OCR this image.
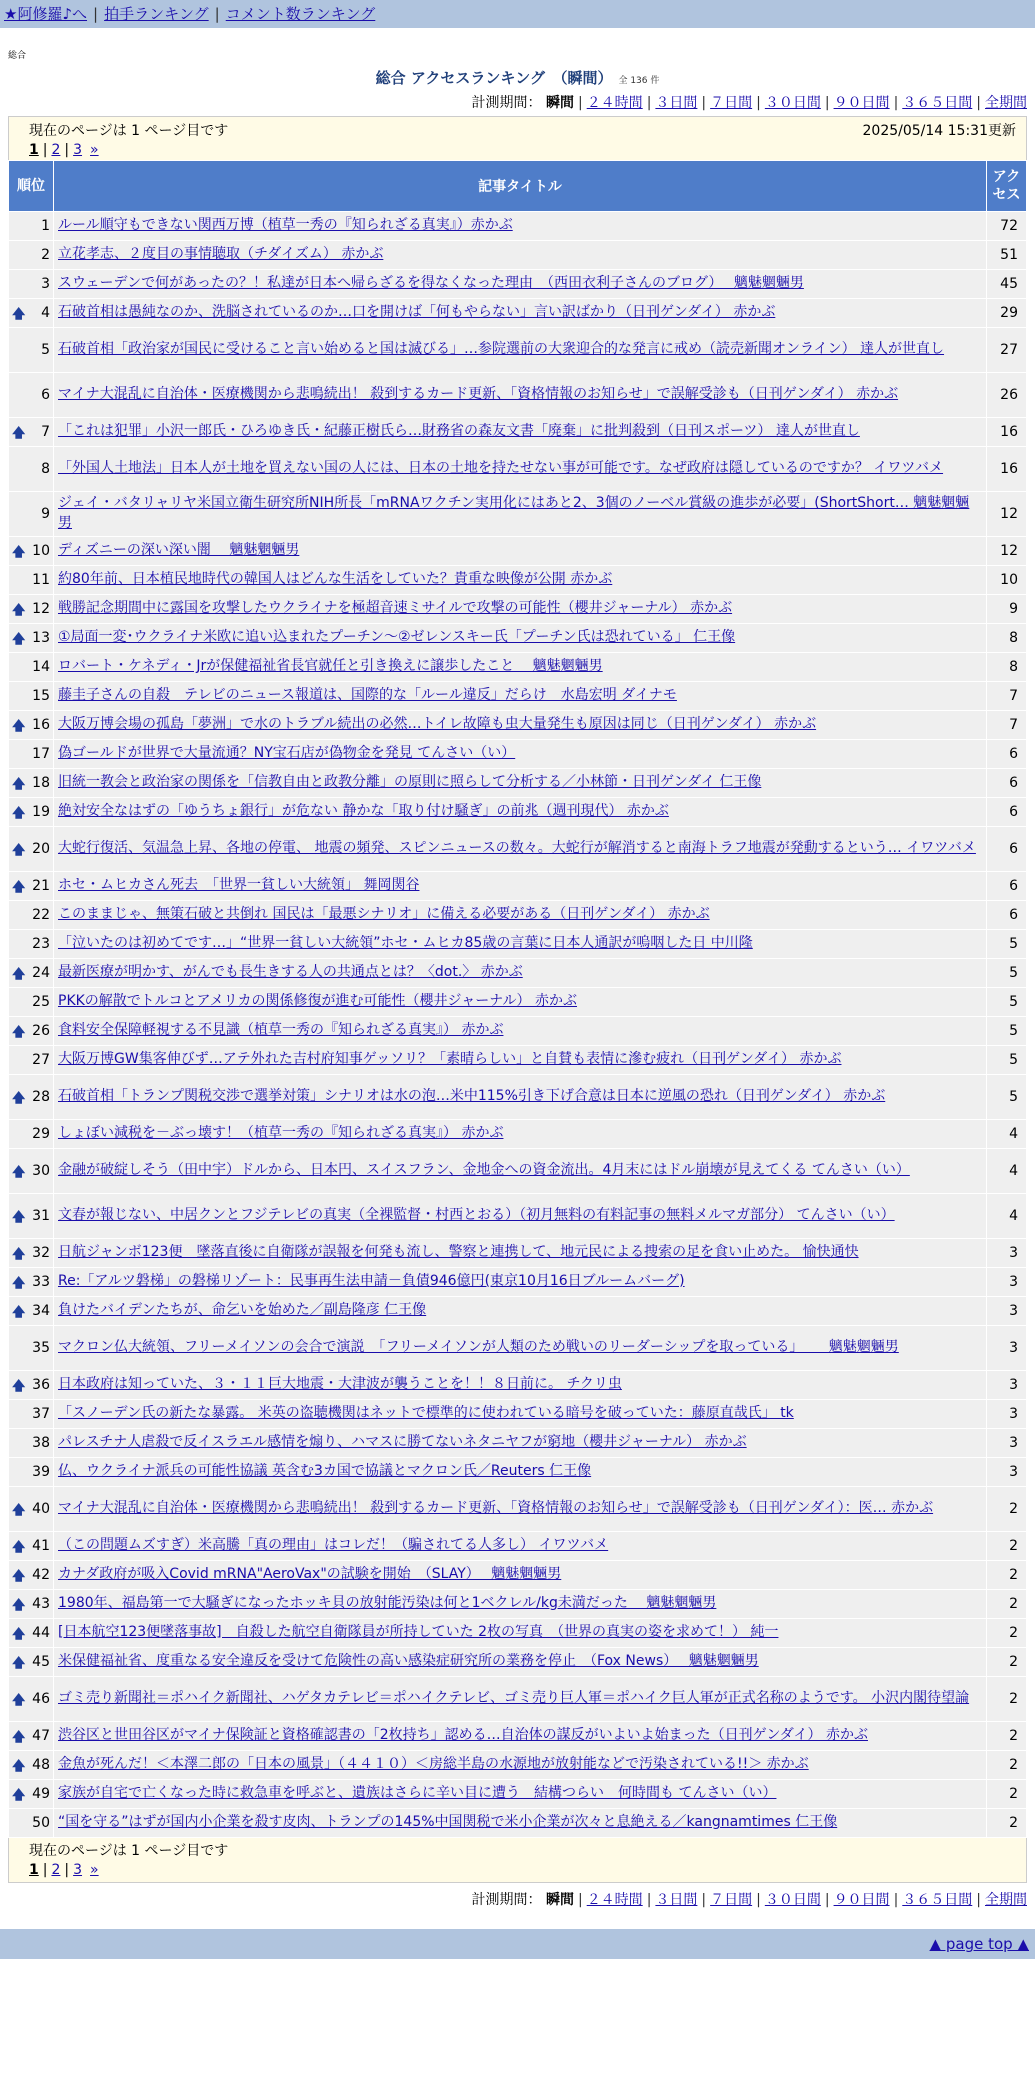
★阿修羅♪へ | 拍手ランキング | コメント数ランキング
総合
総合 アクセスランキング　（瞬間） 全 136 件
計測期間： 瞬間 | ２４時間 | ３日間 | ７日間 | ３０日間 | ９０日間 | ３６５日間 | 全期間
現在のページは 1 ページ目です	2025/05/14 15:31更新
1 | 2 | 3 »
順位	記事タイトル	アクセス
1	ルール順守もできない関西万博（植草一秀の『知られざる真実』）赤かぶ	72
2	立花孝志、２度目の事情聴取（チダイズム） 赤かぶ	51
3	スウェーデンで何があったの？！私達が日本へ帰らざるを得なくなった理由　（西田衣利子さんのブログ）　 魑魅魍魎男	45

🡅 4	石破首相は愚純なのか、洗脳されているのか…口を開けば「何もやらない」言い訳ばかり（日刊ゲンダイ） 赤かぶ	29
5	石破首相「政治家が国民に受けること言い始めると国は滅びる」…参院選前の大衆迎合的な発言に戒め（読売新聞オンライン） 達人が世直し	27
6	マイナ大混乱に自治体・医療機関から悲鳴続出！ 殺到するカード更新、「資格情報のお知らせ」で誤解受診も（日刊ゲンダイ） 赤かぶ	26

🡅 7	「これは犯罪」小沢一郎氏・ひろゆき氏・紀藤正樹氏ら…財務省の森友文書「廃棄」に批判殺到（日刊スポーツ） 達人が世直し	16
8	「外国人土地法」日本人が土地を買えない国の人には、日本の土地を持たせない事が可能です。なぜ政府は隠しているのですか？ イワツバメ	16
9	ジェイ・バタリャリヤ米国立衛生研究所NIH所長「mRNAワクチン実用化にはあと2、3個のノーベル賞級の進歩が必要」(ShortShort… 魑魅魍魎男	12

🡅 10	ディズニーの深い深い闇　 魑魅魍魎男	12
11	約80年前、日本植民地時代の韓国人はどんな生活をしていた？貴重な映像が公開 赤かぶ	10

🡅 12	戦勝記念期間中に露国を攻撃したウクライナを極超音速ミサイルで攻撃の可能性（櫻井ジャーナル） 赤かぶ	9

🡅 13	①局面一変･ウクライナ米欧に追い込まれたプーチン～②ゼレンスキー氏「プーチン氏は恐れている」 仁王像	8
14	ロバート・ケネディ・Jrが保健福祉省長官就任と引き換えに譲歩したこと　 魑魅魍魎男	8
15	藤圭子さんの自殺　テレビのニュース報道は、国際的な「ルール違反」だらけ　水島宏明 ダイナモ	7

🡅 16	大阪万博会場の孤島「夢洲」で水のトラブル続出の必然…トイレ故障も虫大量発生も原因は同じ（日刊ゲンダイ） 赤かぶ	7
17	偽ゴールドが世界で大量流通？NY宝石店が偽物金を発見 てんさい（い）	6

🡅 18	旧統一教会と政治家の関係を「信教自由と政教分離」の原則に照らして分析する／小林節・日刊ゲンダイ 仁王像	6

🡅 19	絶対安全なはずの「ゆうちょ銀行」が危ない 静かな「取り付け騒ぎ」の前兆（週刊現代） 赤かぶ	6

🡅 20	大蛇行復活、気温急上昇、各地の停電、 地震の頻発、スピンニュースの数々。大蛇行が解消すると南海トラフ地震が発動するという… イワツバメ	6

🡅 21	ホセ・ムヒカさん死去　「世界一貧しい大統領」 舞岡関谷	6
22	このままじゃ、無策石破と共倒れ 国民は「最悪シナリオ」に備える必要がある（日刊ゲンダイ） 赤かぶ	6
23	「泣いたのは初めてです…」“世界一貧しい大統領”ホセ・ムヒカ85歳の言葉に日本人通訳が嗚咽した日 中川隆	5

🡅 24	最新医療が明かす、がんでも長生きする人の共通点とは？〈dot.〉 赤かぶ	5
25	PKKの解散でトルコとアメリカの関係修復が進む可能性（櫻井ジャーナル） 赤かぶ	5

🡅 26	食料安全保障軽視する不見識（植草一秀の『知られざる真実』） 赤かぶ	5
27	大阪万博GW集客伸びず…アテ外れた吉村府知事ゲッソリ？「素晴らしい」と自賛も表情に滲む疲れ（日刊ゲンダイ） 赤かぶ	5

🡅 28	石破首相「トランプ関税交渉で選挙対策」シナリオは水の泡…米中115%引き下げ合意は日本に逆風の恐れ（日刊ゲンダイ） 赤かぶ	5
29	しょぼい減税を－ぶっ壊す！（植草一秀の『知られざる真実』） 赤かぶ	4

🡅 30	金融が破綻しそう（田中宇）ドルから、日本円、スイスフラン、金地金への資金流出。4月末にはドル崩壊が見えてくる てんさい（い）	4

🡅 31	文春が報じない、中居クンとフジテレビの真実（全裸監督・村西とおる）（初月無料の有料記事の無料メルマガ部分） てんさい（い）	4

🡅 32	日航ジャンボ123便　墜落直後に自衛隊が誤報を何発も流し、警察と連携して、地元民による捜索の足を食い止めた。 愉快通快	3

🡅 33	Re:「アルツ磐梯」の磐梯リゾート：民事再生法申請－負債946億円(東京10月16日ブルームバーグ)	3

🡅 34	負けたバイデンたちが、命乞いを始めた／副島隆彦 仁王像	3
35	マクロン仏大統領、フリーメイソンの会合で演説　「フリーメイソンが人類のため戦いのリーダーシップを取っている」　　 魑魅魍魎男	3

🡅 36	日本政府は知っていた、３・１１巨大地震・大津波が襲うことを！！８日前に。 チクリ虫	3
37	「スノーデン氏の新たな暴露。 米英の盗聴機関はネットで標準的に使われている暗号を破っていた：藤原直哉氏」 tk	3
38	パレスチナ人虐殺で反イスラエル感情を煽り、ハマスに勝てないネタニヤフが窮地（櫻井ジャーナル） 赤かぶ	3
39	仏、ウクライナ派兵の可能性協議 英含む3カ国で協議とマクロン氏／Reuters 仁王像	3

🡅 40	マイナ大混乱に自治体・医療機関から悲鳴続出！ 殺到するカード更新、「資格情報のお知らせ」で誤解受診も（日刊ゲンダイ）：医… 赤かぶ	2

🡅 41	（この問題ムズすぎ）米高騰「真の理由」はコレだ！（騙されてる人多し） イワツバメ	2

🡅 42	カナダ政府が吸入Covid mRNA"AeroVax"の試験を開始　（SLAY）　 魑魅魍魎男	2

🡅 43	1980年、福島第一で大騒ぎになったホッキ貝の放射能汚染は何と1ベクレル/kg未満だった　 魑魅魍魎男	2

🡅 44	[日本航空123便墜落事故]　自殺した航空自衛隊員が所持していた 2枚の写真　（世界の真実の姿を求めて！） 純一	2

🡅 45	米保健福祉省、度重なる安全違反を受けて危険性の高い感染症研究所の業務を停止　（Fox News）　 魑魅魍魎男	2

🡅 46	ゴミ売り新聞社＝ポハイク新聞社、ハゲタカテレビ＝ポハイクテレビ、ゴミ売り巨人軍＝ポハイク巨人軍が正式名称のようです。 小沢内閣待望論	2

🡅 47	渋谷区と世田谷区がマイナ保険証と資格確認書の「2枚持ち」認める…自治体の謀反がいよいよ始まった（日刊ゲンダイ） 赤かぶ	2

🡅 48	金魚が死んだ！＜本澤二郎の「日本の風景」（４４１０）＜房総半島の水源地が放射能などで汚染されている!!＞ 赤かぶ	2

🡅 49	家族が自宅で亡くなった時に救急車を呼ぶと、遺族はさらに辛い目に遭う　結構つらい　何時間も てんさい（い）	2
50	“国を守る”はずが国内小企業を殺す皮肉、トランプの145%中国関税で米小企業が次々と息絶える／kangnamtimes 仁王像	2
現在のページは 1 ページ目です
1 | 2 | 3 »
計測期間： 瞬間 | ２４時間 | ３日間 | ７日間 | ３０日間 | ９０日間 | ３６５日間 | 全期間
▲ page top ▲
